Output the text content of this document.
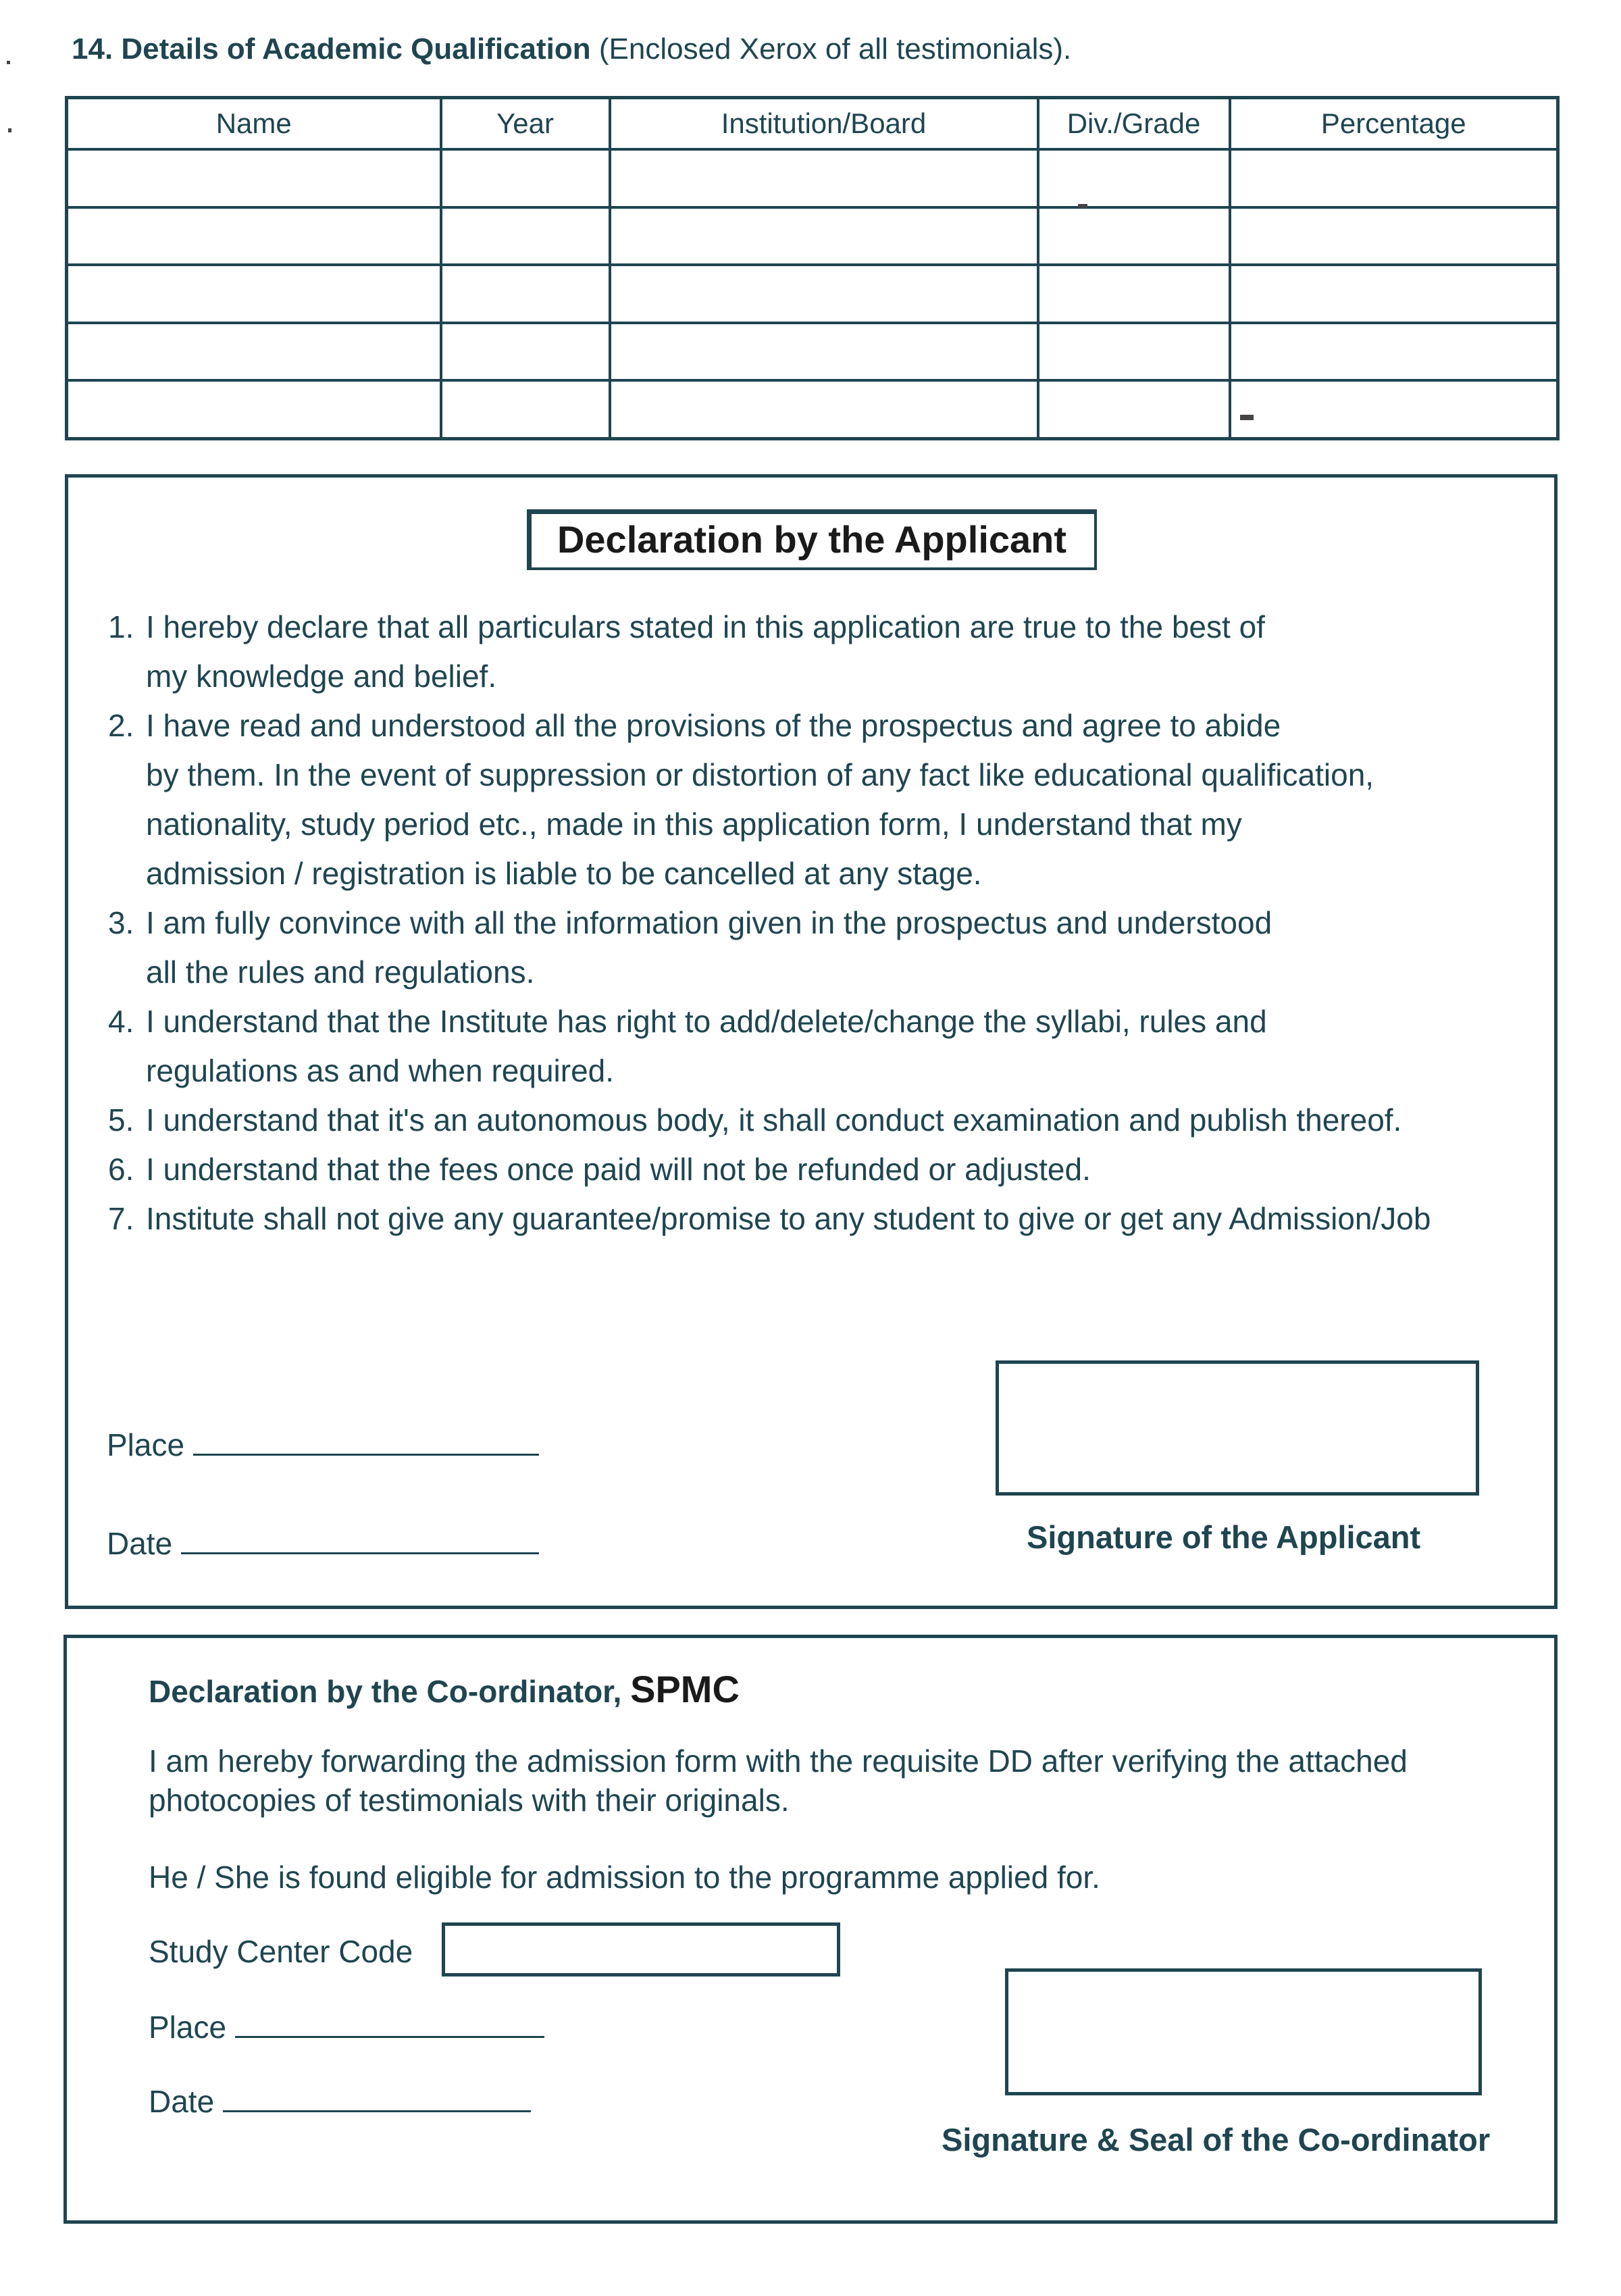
14. Details of Academic Qualification (Enclosed Xerox of all testimonials).
Name	Year	Institution/Board	Div./Grade	Percentage

Declaration by the Applicant
1. I hereby declare that all particulars stated in this application are true to the best of
my knowledge and belief.
2. I have read and understood all the provisions of the prospectus and agree to abide
by them. In the event of suppression or distortion of any fact like educational qualification,
nationality, study period etc., made in this application form, I understand that my
admission / registration is liable to be cancelled at any stage.
3. I am fully convince with all the information given in the prospectus and understood
all the rules and regulations.
4. I understand that the Institute has right to add/delete/change the syllabi, rules and
regulations as and when required.
5. I understand that it's an autonomous body, it shall conduct examination and publish thereof.
6. I understand that the fees once paid will not be refunded or adjusted.
7. Institute shall not give any guarantee/promise to any student to give or get any Admission/Job
Place
Date	Signature of the Applicant
Declaration by the Co-ordinator, SPMC
I am hereby forwarding the admission form with the requisite DD after verifying the attached photocopies of testimonials with their originals.
He / She is found eligible for admission to the programme applied for.
Study Center Code
Place
Date
Signature & Seal of the Co-ordinator
